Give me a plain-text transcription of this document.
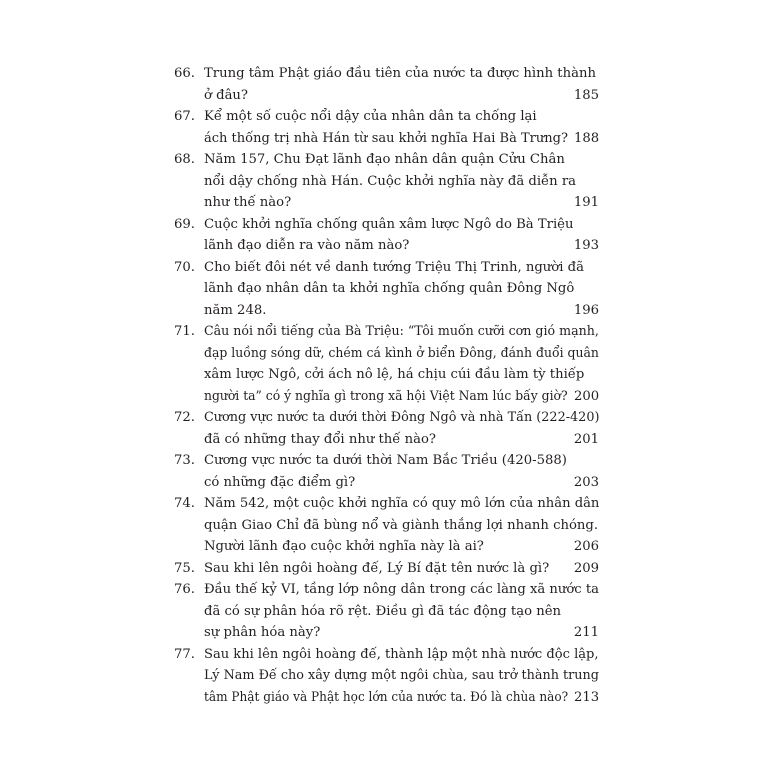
66. Trung tâm Phật giáo đầu tiên của nước ta được hình thành
ở đâu?	185
67. Kể một số cuộc nổi dậy của nhân dân ta chống lại
ách thống trị nhà Hán từ sau khởi nghĩa Hai Bà Trưng? 188
68. Năm 157, Chu Đạt lãnh đạo nhân dân quận Cửu Chân
nổi dậy chống nhà Hán. Cuộc khởi nghĩa này đã diễn ra
như thế nào?	191
69. Cuộc khởi nghĩa chống quân xâm lược Ngô do Bà Triệu
lãnh đạo diễn ra vào năm nào?	193
70. Cho biết đôi nét về danh tướng Triệu Thị Trinh, người đã
lãnh đạo nhân dân ta khởi nghĩa chống quân Đông Ngô
năm 248.	196
71. Câu nói nổi tiếng của Bà Triệu: “Tôi muốn cưỡi cơn gió mạnh,
đạp luồng sóng dữ, chém cá kình ở biển Đông, đánh đuổi quân
xâm lược Ngô, cởi ách nô lệ, há chịu cúi đầu làm tỳ thiếp
người ta” có ý nghĩa gì trong xã hội Việt Nam lúc bấy giờ? 200
72. Cương vực nước ta dưới thời Đông Ngô và nhà Tấn (222-420)
đã có những thay đổi như thế nào?	201
73. Cương vực nước ta dưới thời Nam Bắc Triều (420-588)
có những đặc điểm gì?	203
74. Năm 542, một cuộc khởi nghĩa có quy mô lớn của nhân dân
quận Giao Chỉ đã bùng nổ và giành thắng lợi nhanh chóng.
Người lãnh đạo cuộc khởi nghĩa này là ai?	206
75. Sau khi lên ngôi hoàng đế, Lý Bí đặt tên nước là gì?	209
76. Đầu thế kỷ VI, tầng lớp nông dân trong các làng xã nước ta
đã có sự phân hóa rõ rệt. Điều gì đã tác động tạo nên
sự phân hóa này?	211
77. Sau khi lên ngôi hoàng đế, thành lập một nhà nước độc lập,
Lý Nam Đế cho xây dựng một ngôi chùa, sau trở thành trung
tâm Phật giáo và Phật học lớn của nước ta. Đó là chùa nào? 213
